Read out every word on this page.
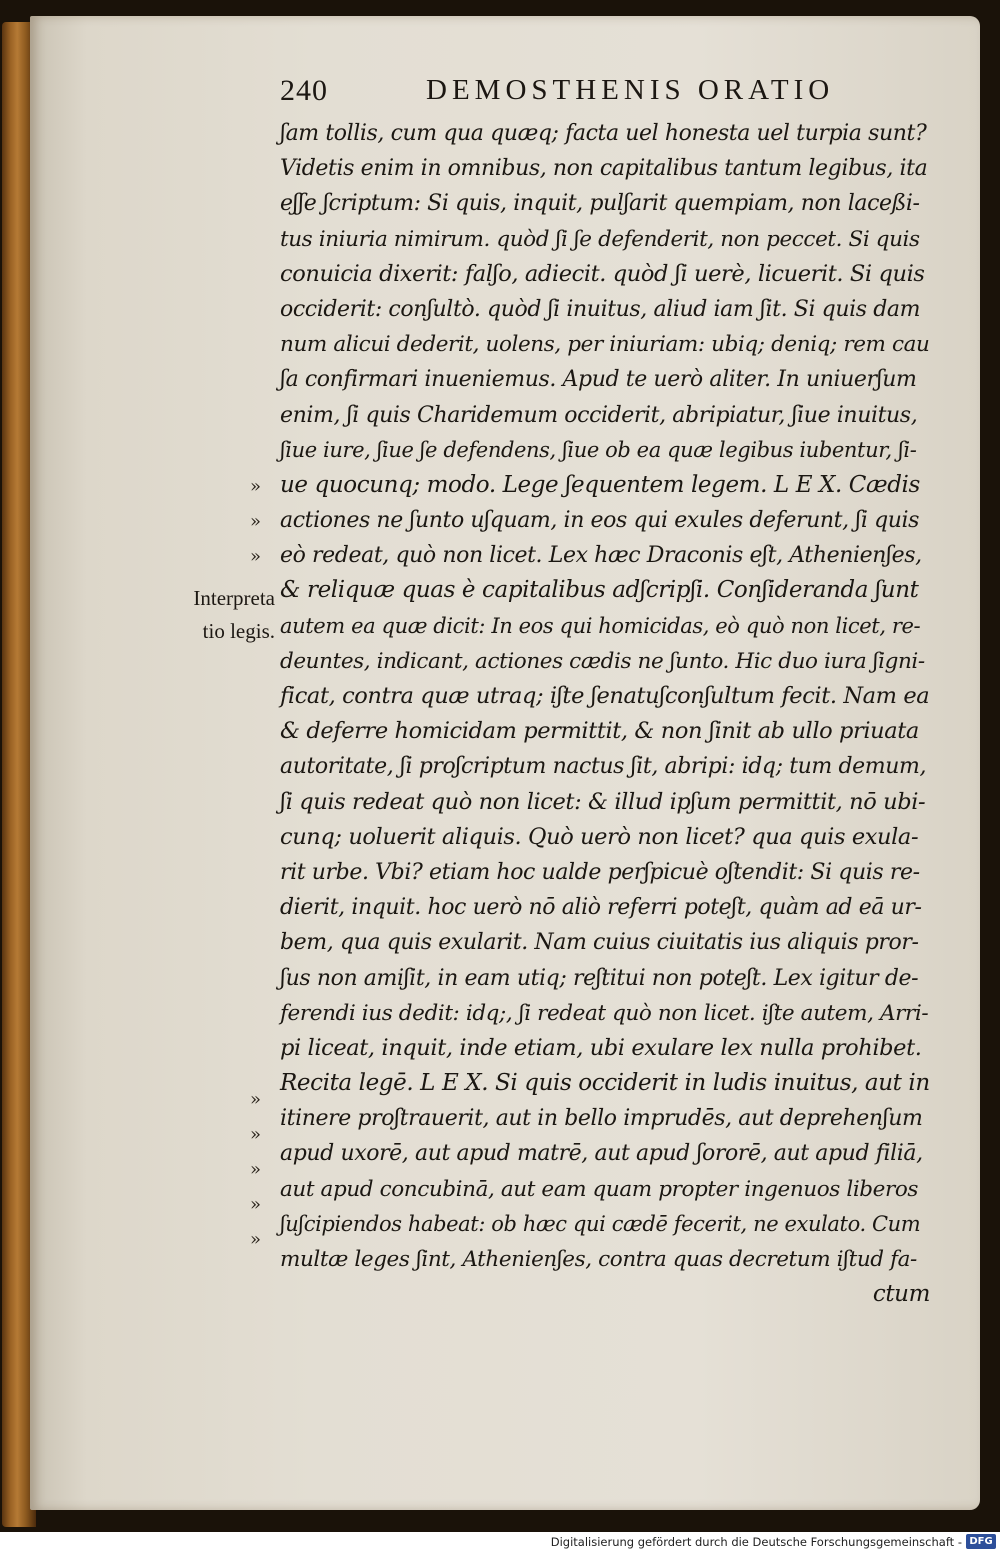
240	DEMOSTHENIS ORATIO
Interpreta
tio legis.
»
»
»
»
»
»
»
»
ʃam tollis, cum qua quæq; facta uel honesta uel turpia sunt?
Videtis enim in omnibus, non capitalibus tantum legibus, ita
eʃʃe ʃcriptum: Si quis, inquit, pulʃarit quempiam, non laceßi-
tus iniuria nimirum. quòd ʃi ʃe defenderit, non peccet. Si quis
conuicia dixerit: falʃo, adiecit. quòd ʃi uerè, licuerit. Si quis
occiderit: conʃultò. quòd ʃi inuitus, aliud iam ʃit. Si quis dam
num alicui dederit, uolens, per iniuriam: ubiq; deniq; rem cau
ʃa confirmari inueniemus. Apud te uerò aliter. In uniuerʃum
enim, ʃi quis Charidemum occiderit, abripiatur, ʃiue inuitus,
ʃiue iure, ʃiue ʃe defendens, ʃiue ob ea quæ legibus iubentur, ʃi-
ue quocunq; modo. Lege ʃequentem legem. L E X. Cædis
actiones ne ʃunto uʃquam, in eos qui exules deferunt, ʃi quis
eò redeat, quò non licet. Lex hæc Draconis eʃt, Athenienʃes,
& reliquæ quas è capitalibus adʃcripʃi. Conʃideranda ʃunt
autem ea quæ dicit: In eos qui homicidas, eò quò non licet, re-
deuntes, indicant, actiones cædis ne ʃunto. Hic duo iura ʃigni-
ficat, contra quæ utraq; iʃte ʃenatuʃconʃultum fecit. Nam ea
& deferre homicidam permittit, & non ʃinit ab ullo priuata
autoritate, ʃi proʃcriptum nactus ʃit, abripi: idq; tum demum,
ʃi quis redeat quò non licet: & illud ipʃum permittit, nō ubi-
cunq; uoluerit aliquis. Quò uerò non licet? qua quis exula-
rit urbe. Vbi? etiam hoc ualde perʃpicuè oʃtendit: Si quis re-
dierit, inquit. hoc uerò nō aliò referri poteʃt, quàm ad eā ur-
bem, qua quis exularit. Nam cuius ciuitatis ius aliquis pror-
ʃus non amiʃit, in eam utiq; reʃtitui non poteʃt. Lex igitur de-
ferendi ius dedit: idq;, ʃi redeat quò non licet. iʃte autem, Arri-
pi liceat, inquit, inde etiam, ubi exulare lex nulla prohibet.
Recita legē. L E X. Si quis occiderit in ludis inuitus, aut in
itinere proʃtrauerit, aut in bello imprudēs, aut deprehenʃum
apud uxorē, aut apud matrē, aut apud ʃororē, aut apud filiā,
aut apud concubinā, aut eam quam propter ingenuos liberos
ʃuʃcipiendos habeat: ob hæc qui cædē fecerit, ne exulato. Cum
multæ leges ʃint, Athenienʃes, contra quas decretum iʃtud fa-
ctum
Digitalisierung gefördert durch die Deutsche Forschungsgemeinschaft - DFG
